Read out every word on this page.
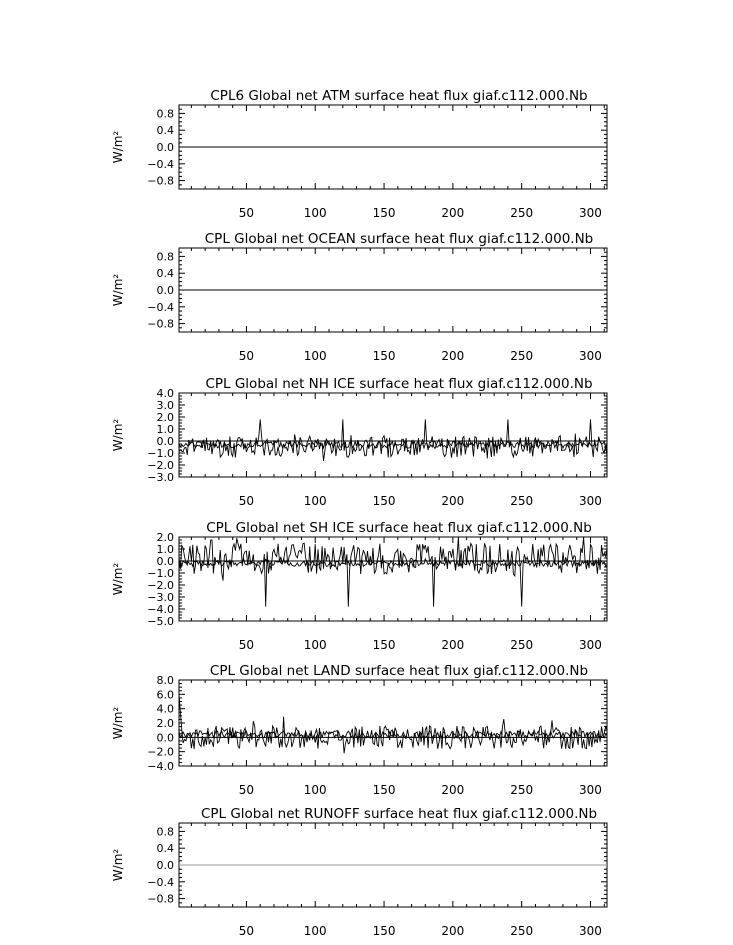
CPL6 Global net ATM surface heat flux giaf.c112.000.Nb
W/m²
0.8
0.4
0.0
−0.4
−0.8
50	100	150	200	250	300
CPL Global net OCEAN surface heat flux giaf.c112.000.Nb
W/m²
0.8
0.4
0.0
−0.4
−0.8
50	100	150	200	250	300
CPL Global net NH ICE surface heat flux giaf.c112.000.Nb
W/m²
4.0
3.0
2.0
1.0
0.0
−1.0
−2.0
−3.0
50	100	150	200	250	300
CPL Global net SH ICE surface heat flux giaf.c112.000.Nb
W/m²
2.0
1.0
0.0
−1.0
−2.0
−3.0
−4.0
−5.0
50	100	150	200	250	300
CPL Global net LAND surface heat flux giaf.c112.000.Nb
W/m²
8.0
6.0
4.0
2.0
0.0
−2.0
−4.0
50	100	150	200	250	300
CPL Global net RUNOFF surface heat flux giaf.c112.000.Nb
W/m²
0.8
0.4
0.0
−0.4
−0.8
50	100	150	200	250	300
